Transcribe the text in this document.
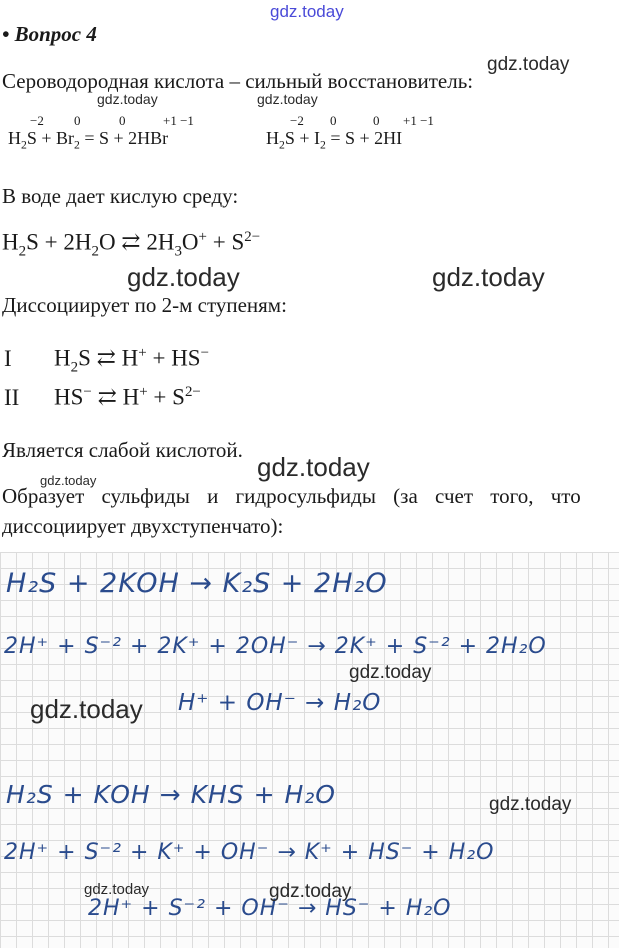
gdz.today
• Вопрос 4
gdz.today
Сероводородная кислота – сильный восстановитель:
gdz.today	gdz.today
−2 0	0	+1 −1
$H_2S + Br_2 = S + 2HBr$
−2 0	0 +1 −1
$H_2S + I_2 = S + 2HI$
В воде дает кислую среду:
$H_2S + 2H_2O$ ⇄ $2H_3O^+ + S^{2-}$
gdz.today	gdz.today
Диссоциирует по 2-м ступеням:
I $H_2S$ ⇄ H+ + HS−
II HS− ⇄ $H^+ + S^{2-}$
Является слабой кислотой.
gdz.today
gdz.today
Образует сульфиды и гидросульфиды (за счет того, что
диссоциирует двухступенчато):
H₂S + 2KOH → K₂S + 2H₂O
2H⁺ + S⁻² + 2K⁺ + 2OH⁻ → 2K⁺ + S⁻² + 2H₂O
H⁺ + OH⁻ → H₂O
H₂S + KOH → KHS + H₂O
2H⁺ + S⁻² + K⁺ + OH⁻ → K⁺ + HS⁻ + H₂O
2H⁺ + S⁻² + OH⁻ → HS⁻ + H₂O
gdz.today
gdz.today
gdz.today
gdz.today	gdz.today
